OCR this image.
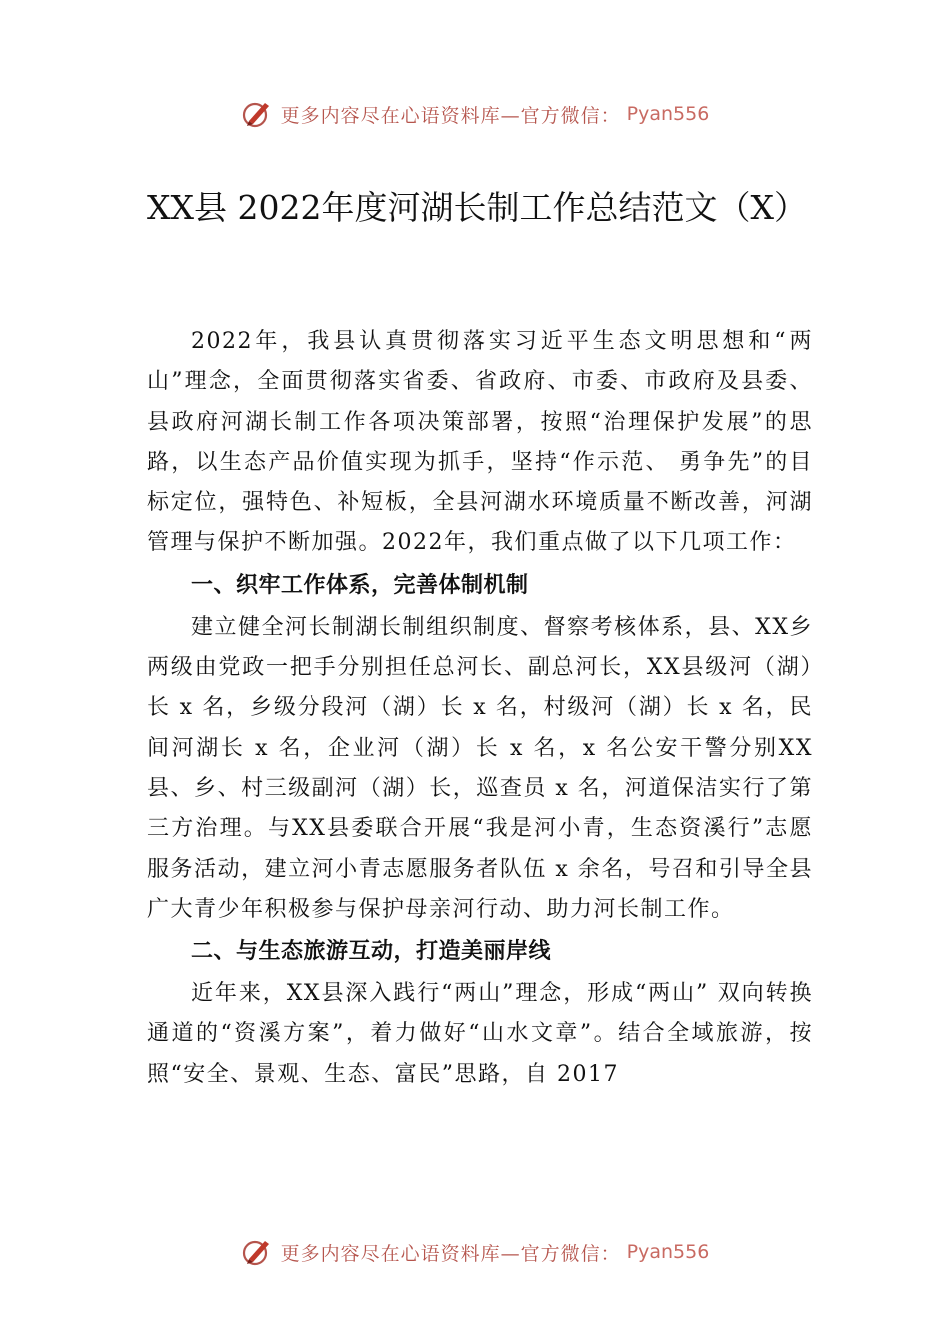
更多内容尽在心语资料库—官方微信： Pyan556
XX县 2022年度河湖长制工作总结范文（X）

2022年，我县认真贯彻落实习近平生态文明思想和“两山”理念，全面贯彻落实省委、省政府、市委、市政府及县委、县政府河湖长制工作各项决策部署，按照“治理保护发展”的思路，以生态产品价值实现为抓手，坚持“作示范、 勇争先”的目标定位，强特色、补短板，全县河湖水环境质量不断改善，河湖管理与保护不断加强。2022年，我们重点做了以下几项工作：

一、织牢工作体系，完善体制机制

建立健全河长制湖长制组织制度、督察考核体系，县、XX乡两级由党政一把手分别担任总河长、副总河长，XX县级河（湖）长 x 名，乡级分段河（湖）长 x 名，村级河（湖）长 x 名，民间河湖长 x 名，企业河（湖）长 x 名，x 名公安干警分别XX县、乡、村三级副河（湖）长，巡查员 x 名，河道保洁实行了第三方治理。与XX县委联合开展“我是河小青，生态资溪行”志愿服务活动，建立河小青志愿服务者队伍 x 余名，号召和引导全县广大青少年积极参与保护母亲河行动、助力河长制工作。

二、与生态旅游互动，打造美丽岸线

近年来，XX县深入践行“两山”理念，形成“两山” 双向转换通道的“资溪方案”，着力做好“山水文章”。结合全域旅游，按照“安全、景观、生态、富民”思路，自 2017

更多内容尽在心语资料库—官方微信： Pyan556
